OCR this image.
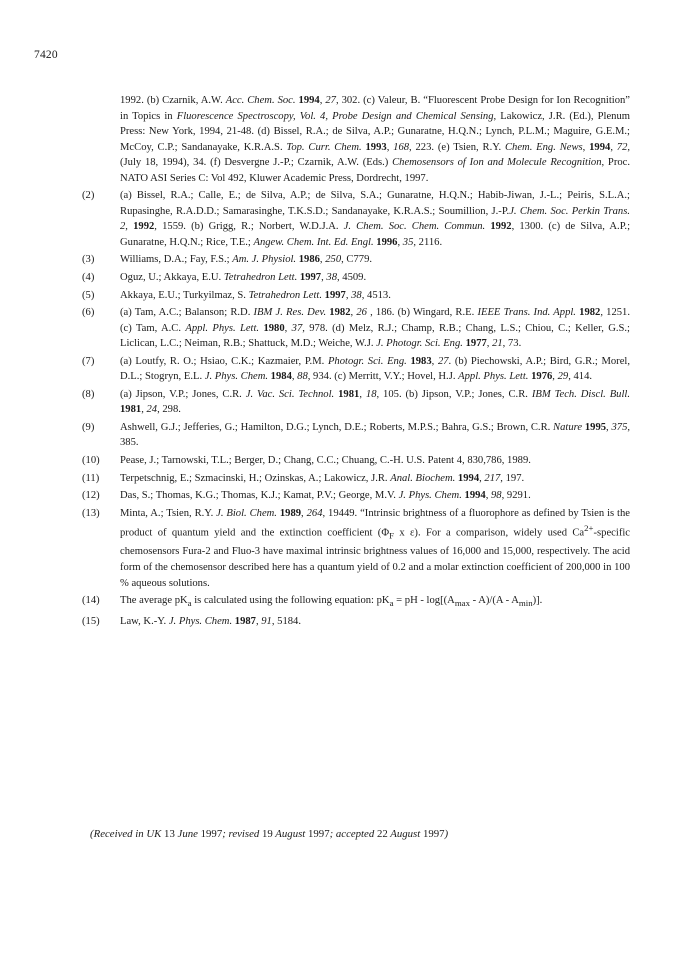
7420
1992. (b) Czarnik, A.W. Acc. Chem. Soc. 1994, 27, 302. (c) Valeur, B. “Fluorescent Probe Design for Ion Recognition” in Topics in Fluorescence Spectroscopy, Vol. 4, Probe Design and Chemical Sensing, Lakowicz, J.R. (Ed.), Plenum Press: New York, 1994, 21-48. (d) Bissel, R.A.; de Silva, A.P.; Gunaratne, H.Q.N.; Lynch, P.L.M.; Maguire, G.E.M.; McCoy, C.P.; Sandanayake, K.R.A.S. Top. Curr. Chem. 1993, 168, 223. (e) Tsien, R.Y. Chem. Eng. News, 1994, 72, (July 18, 1994), 34. (f) Desvergne J.-P.; Czarnik, A.W. (Eds.) Chemosensors of Ion and Molecule Recognition, Proc. NATO ASI Series C: Vol 492, Kluwer Academic Press, Dordrecht, 1997.
(2)	(a) Bissel, R.A.; Calle, E.; de Silva, A.P.; de Silva, S.A.; Gunaratne, H.Q.N.; Habib-Jiwan, J.-L.; Peiris, S.L.A.; Rupasinghe, R.A.D.D.; Samarasinghe, T.K.S.D.; Sandanayake, K.R.A.S.; Soumillion, J.-P.J. Chem. Soc. Perkin Trans. 2, 1992, 1559. (b) Grigg, R.; Norbert, W.D.J.A. J. Chem. Soc. Chem. Commun. 1992, 1300. (c) de Silva, A.P.; Gunaratne, H.Q.N.; Rice, T.E.; Angew. Chem. Int. Ed. Engl. 1996, 35, 2116.
(3)	Williams, D.A.; Fay, F.S.; Am. J. Physiol. 1986, 250, C779.
(4)	Oguz, U.; Akkaya, E.U. Tetrahedron Lett. 1997, 38, 4509.
(5)	Akkaya, E.U.; Turkyilmaz, S. Tetrahedron Lett. 1997, 38, 4513.
(6)	(a) Tam, A.C.; Balanson; R.D. IBM J. Res. Dev. 1982, 26 , 186. (b) Wingard, R.E. IEEE Trans. Ind. Appl. 1982, 1251. (c) Tam, A.C. Appl. Phys. Lett. 1980, 37, 978. (d) Melz, R.J.; Champ, R.B.; Chang, L.S.; Chiou, C.; Keller, G.S.; Liclican, L.C.; Neiman, R.B.; Shattuck, M.D.; Weiche, W.J. J. Photogr. Sci. Eng. 1977, 21, 73.
(7)	(a) Loutfy, R. O.; Hsiao, C.K.; Kazmaier, P.M. Photogr. Sci. Eng. 1983, 27. (b) Piechowski, A.P.; Bird, G.R.; Morel, D.L.; Stogryn, E.L. J. Phys. Chem. 1984, 88, 934. (c) Merritt, V.Y.; Hovel, H.J. Appl. Phys. Lett. 1976, 29, 414.
(8)	(a) Jipson, V.P.; Jones, C.R. J. Vac. Sci. Technol. 1981, 18, 105. (b) Jipson, V.P.; Jones, C.R. IBM Tech. Discl. Bull. 1981, 24, 298.
(9)	Ashwell, G.J.; Jefferies, G.; Hamilton, D.G.; Lynch, D.E.; Roberts, M.P.S.; Bahra, G.S.; Brown, C.R. Nature 1995, 375, 385.
(10)	Pease, J.; Tarnowski, T.L.; Berger, D.; Chang, C.C.; Chuang, C.-H. U.S. Patent 4, 830,786, 1989.
(11)	Terpetschnig, E.; Szmacinski, H.; Ozinskas, A.; Lakowicz, J.R. Anal. Biochem. 1994, 217, 197.
(12)	Das, S.; Thomas, K.G.; Thomas, K.J.; Kamat, P.V.; George, M.V. J. Phys. Chem. 1994, 98, 9291.
(13)	Minta, A.; Tsien, R.Y. J. Biol. Chem. 1989, 264, 19449. “Intrinsic brightness of a fluorophore as defined by Tsien is the product of quantum yield and the extinction coefficient ($\Phi_F$ x ε). For a comparison, widely used $Ca^{2+}$-specific chemosensors Fura-2 and Fluo-3 have maximal intrinsic brightness values of 16,000 and 15,000, respectively. The acid form of the chemosensor described here has a quantum yield of 0.2 and a molar extinction coefficient of 200,000 in 100 % aqueous solutions.
(14)	The average $pK_a$ is calculated using the following equation: $pK_a$ = pH - $\log[(A_{max} - A)/(A - A_{min})]$.
(15)	Law, K.-Y. J. Phys. Chem. 1987, 91, 5184.
(Received in UK 13 June 1997; revised 19 August 1997; accepted 22 August 1997)
